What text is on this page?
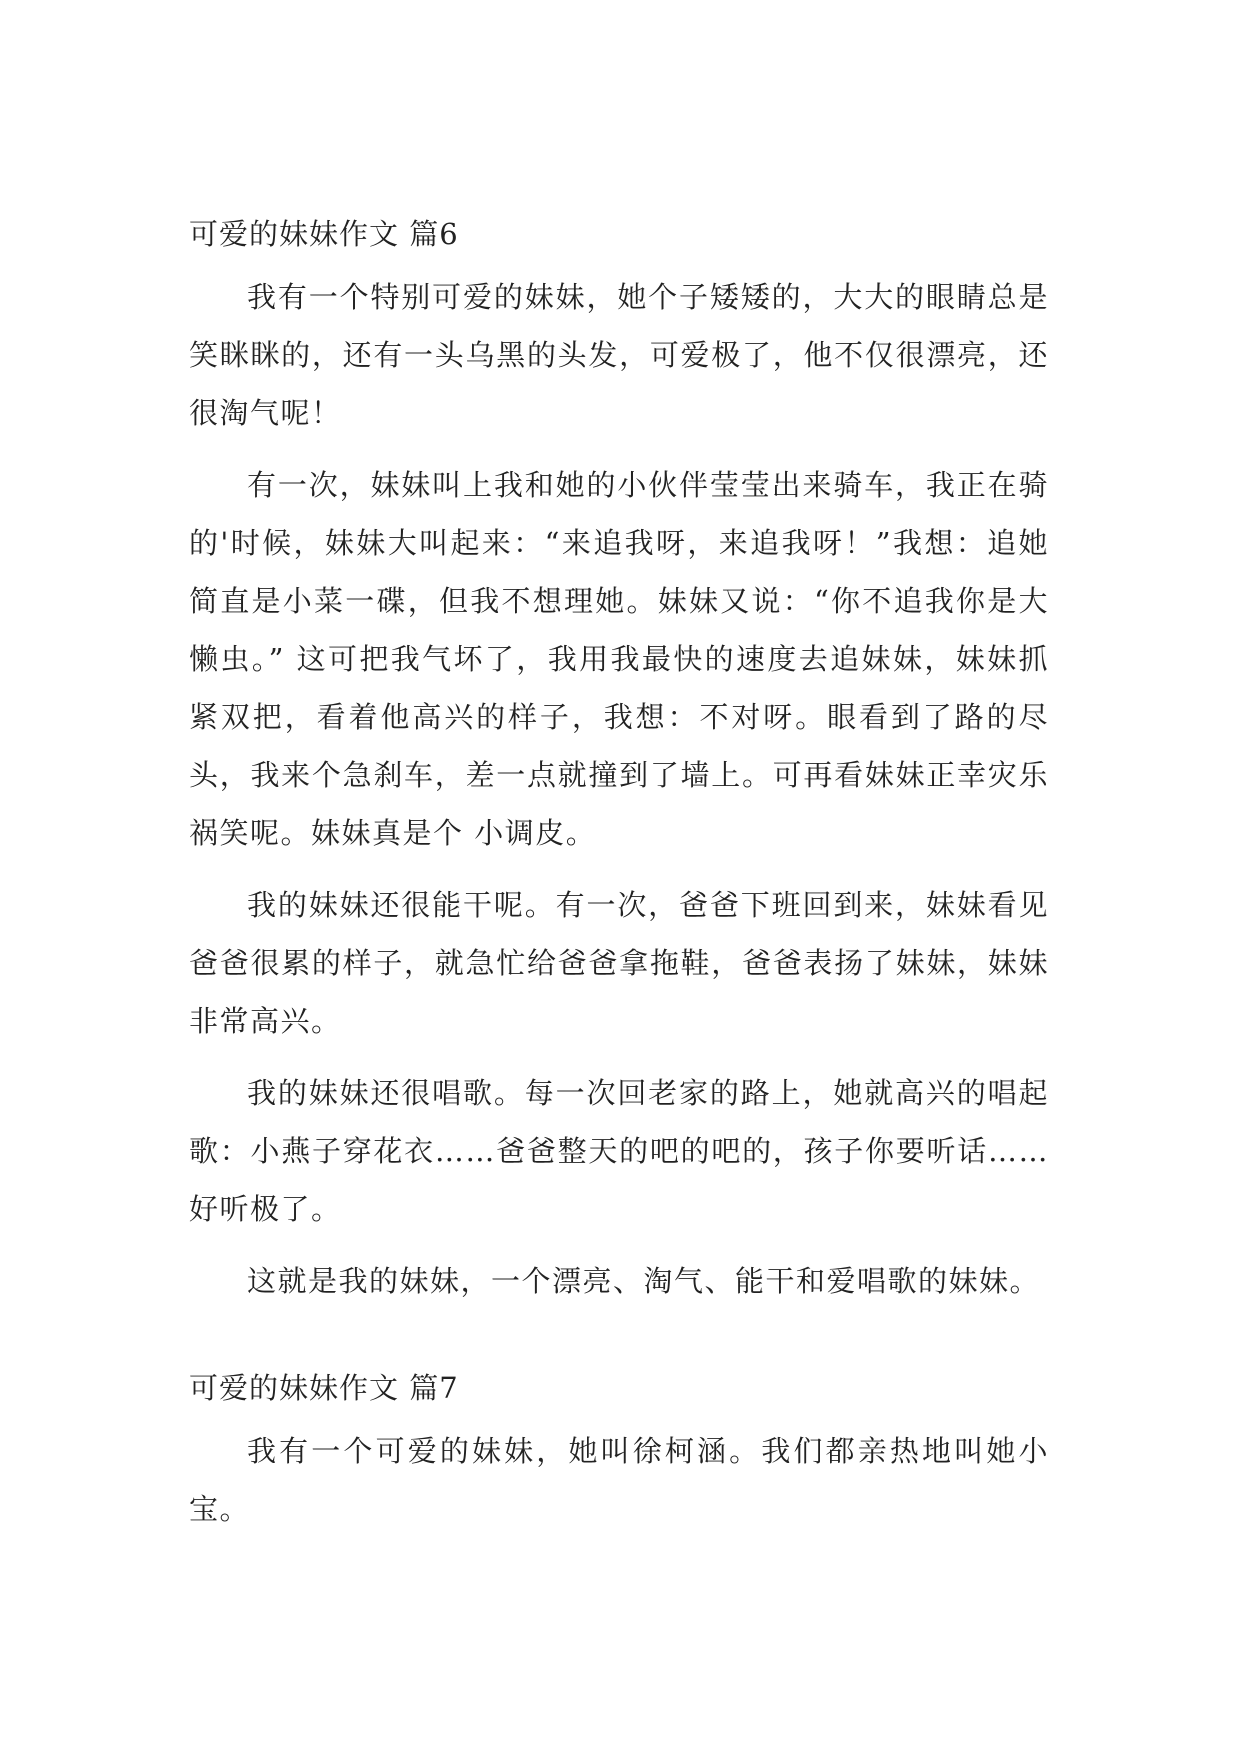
可爱的妹妹作文 篇6

我有一个特别可爱的妹妹，她个子矮矮的，大大的眼睛总是笑眯眯的，还有一头乌黑的头发，可爱极了，他不仅很漂亮，还很淘气呢！

有一次，妹妹叫上我和她的小伙伴莹莹出来骑车，我正在骑的'时候，妹妹大叫起来：“来追我呀，来追我呀！”我想：追她简直是小菜一碟，但我不想理她。妹妹又说：“你不追我你是大懒虫。” 这可把我气坏了，我用我最快的速度去追妹妹，妹妹抓紧双把，看着他高兴的样子，我想：不对呀。眼看到了路的尽头，我来个急刹车，差一点就撞到了墙上。可再看妹妹正幸灾乐祸笑呢。妹妹真是个 小调皮。

我的妹妹还很能干呢。有一次，爸爸下班回到来，妹妹看见爸爸很累的样子，就急忙给爸爸拿拖鞋，爸爸表扬了妹妹，妹妹非常高兴。

我的妹妹还很唱歌。每一次回老家的路上，她就高兴的唱起歌：小燕子穿花衣……爸爸整天的吧的吧的，孩子你要听话……好听极了。

这就是我的妹妹，一个漂亮、淘气、能干和爱唱歌的妹妹。

可爱的妹妹作文 篇7

我有一个可爱的妹妹，她叫徐柯涵。我们都亲热地叫她小宝。
